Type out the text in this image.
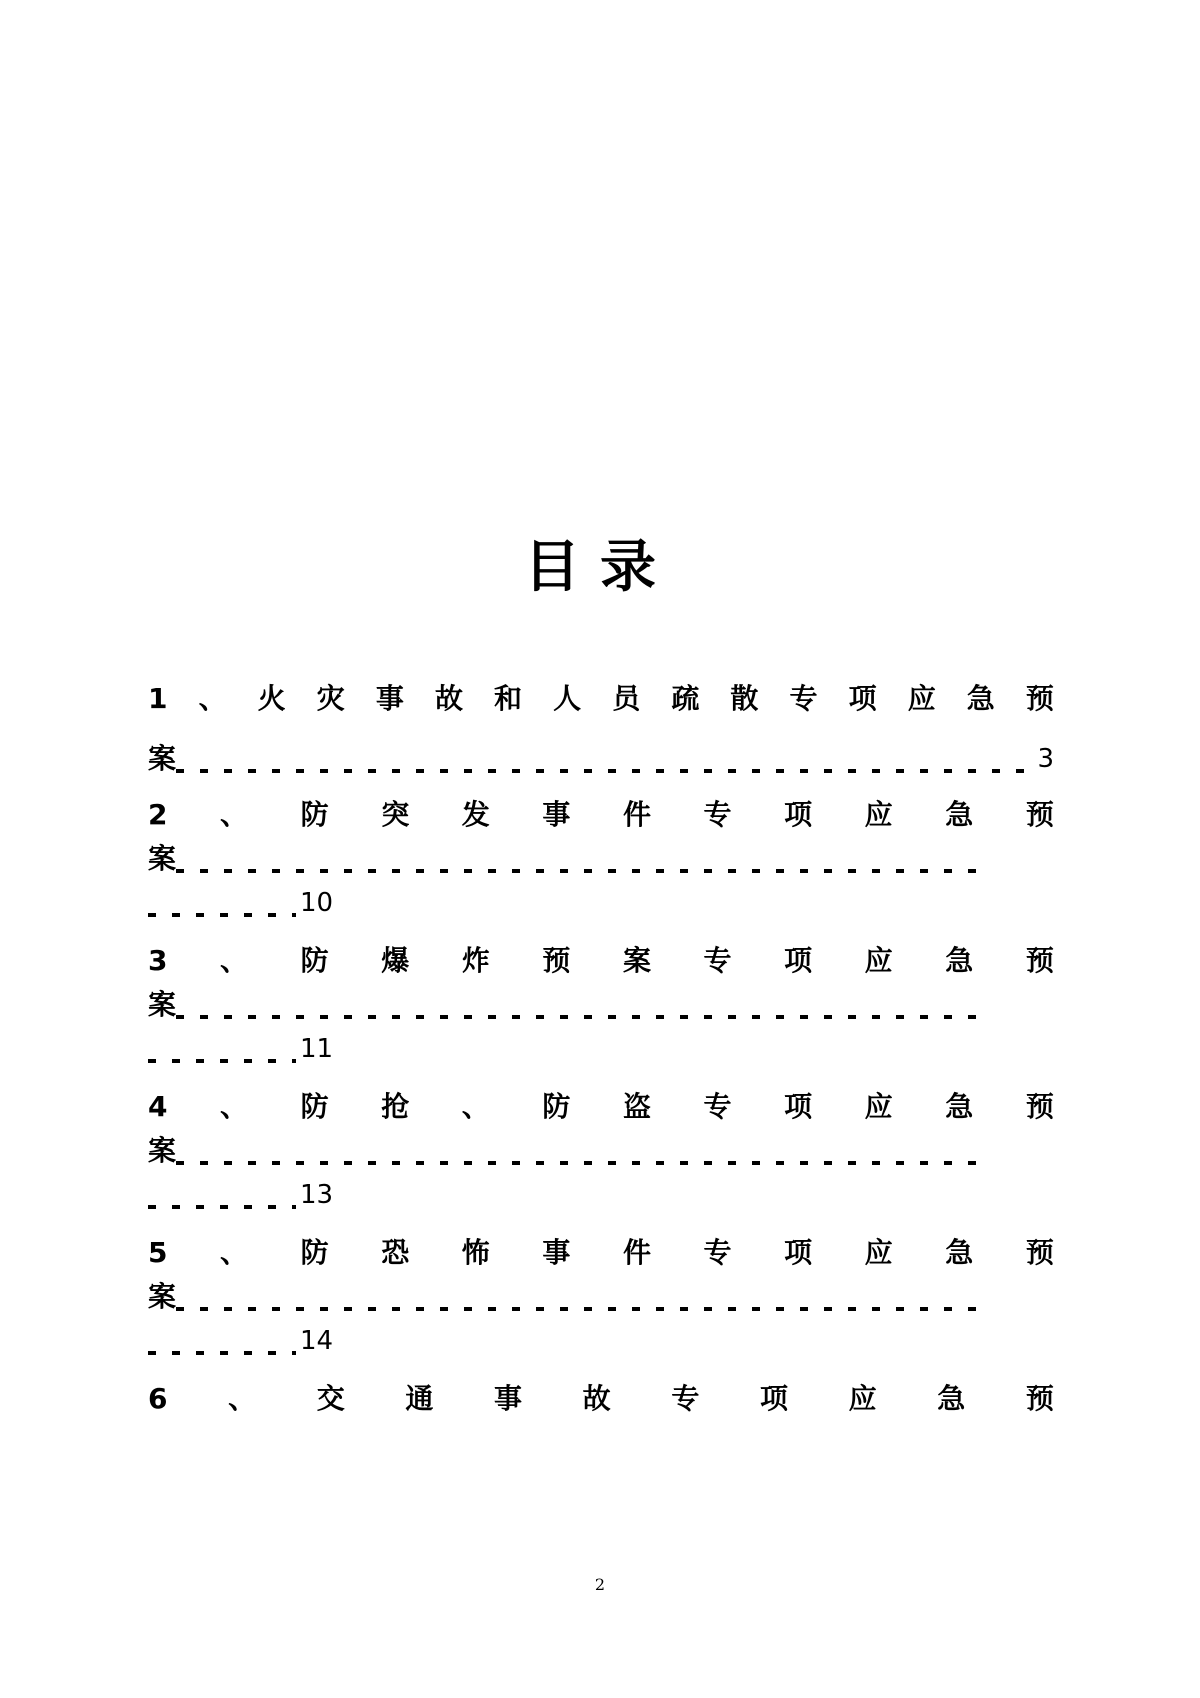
目录
1 、 火 灾 事 故 和 人 员 疏 散 专 项 应 急 预
案	3
2 、 防 突 发 事 件 专 项 应 急 预
案
10
3 、 防 爆 炸 预 案 专 项 应 急 预
案
11
4 、 防 抢 、 防 盗 专 项 应 急 预
案
13
5 、 防 恐 怖 事 件 专 项 应 急 预
案
14
6 、 交 通 事 故 专 项 应 急 预
2
